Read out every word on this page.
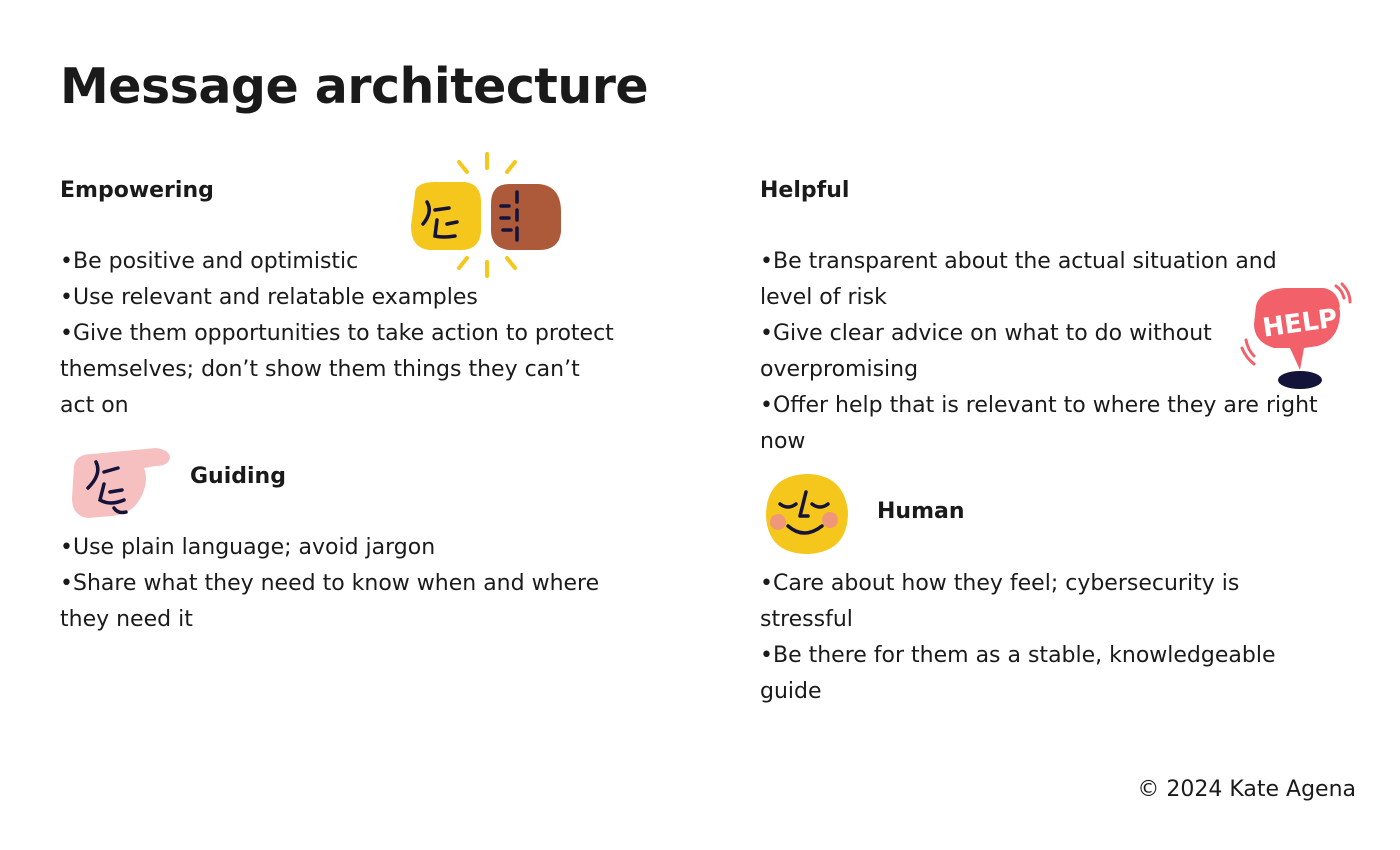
Message architecture
Empowering
•Be positive and optimistic
•Use relevant and relatable examples
•Give them opportunities to take action to protect themselves; don’t show them things they can’t act on
Guiding
•Use plain language; avoid jargon
•Share what they need to know when and where they need it
Helpful
•Be transparent about the actual situation and level of risk
•Give clear advice on what to do without overpromising
•Offer help that is relevant to where they are right now
HELP!
Human
•Care about how they feel; cybersecurity is stressful
•Be there for them as a stable, knowledgeable guide
© 2024 Kate Agena
